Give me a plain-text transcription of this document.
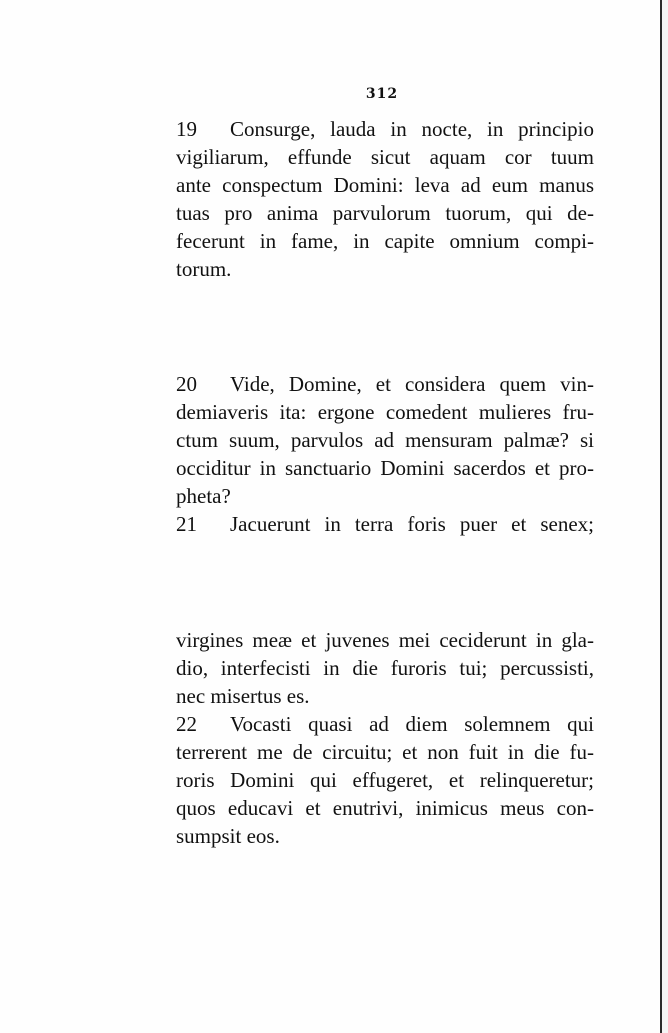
312
19 Consurge, lauda in nocte, in principio
vigiliarum, effunde sicut aquam cor tuum
ante conspectum Domini: leva ad eum manus
tuas pro anima parvulorum tuorum, qui de-
fecerunt in fame, in capite omnium compi-
torum.
20 Vide, Domine, et considera quem vin-
demiaveris ita: ergone comedent mulieres fru-
ctum suum, parvulos ad mensuram palmæ? si
occiditur in sanctuario Domini sacerdos et pro-
pheta?
21 Jacuerunt in terra foris puer et senex;
virgines meæ et juvenes mei ceciderunt in gla-
dio, interfecisti in die furoris tui; percussisti,
nec misertus es.
22 Vocasti quasi ad diem solemnem qui
terrerent me de circuitu; et non fuit in die fu-
roris Domini qui effugeret, et relinqueretur;
quos educavi et enutrivi, inimicus meus con-
sumpsit eos.
